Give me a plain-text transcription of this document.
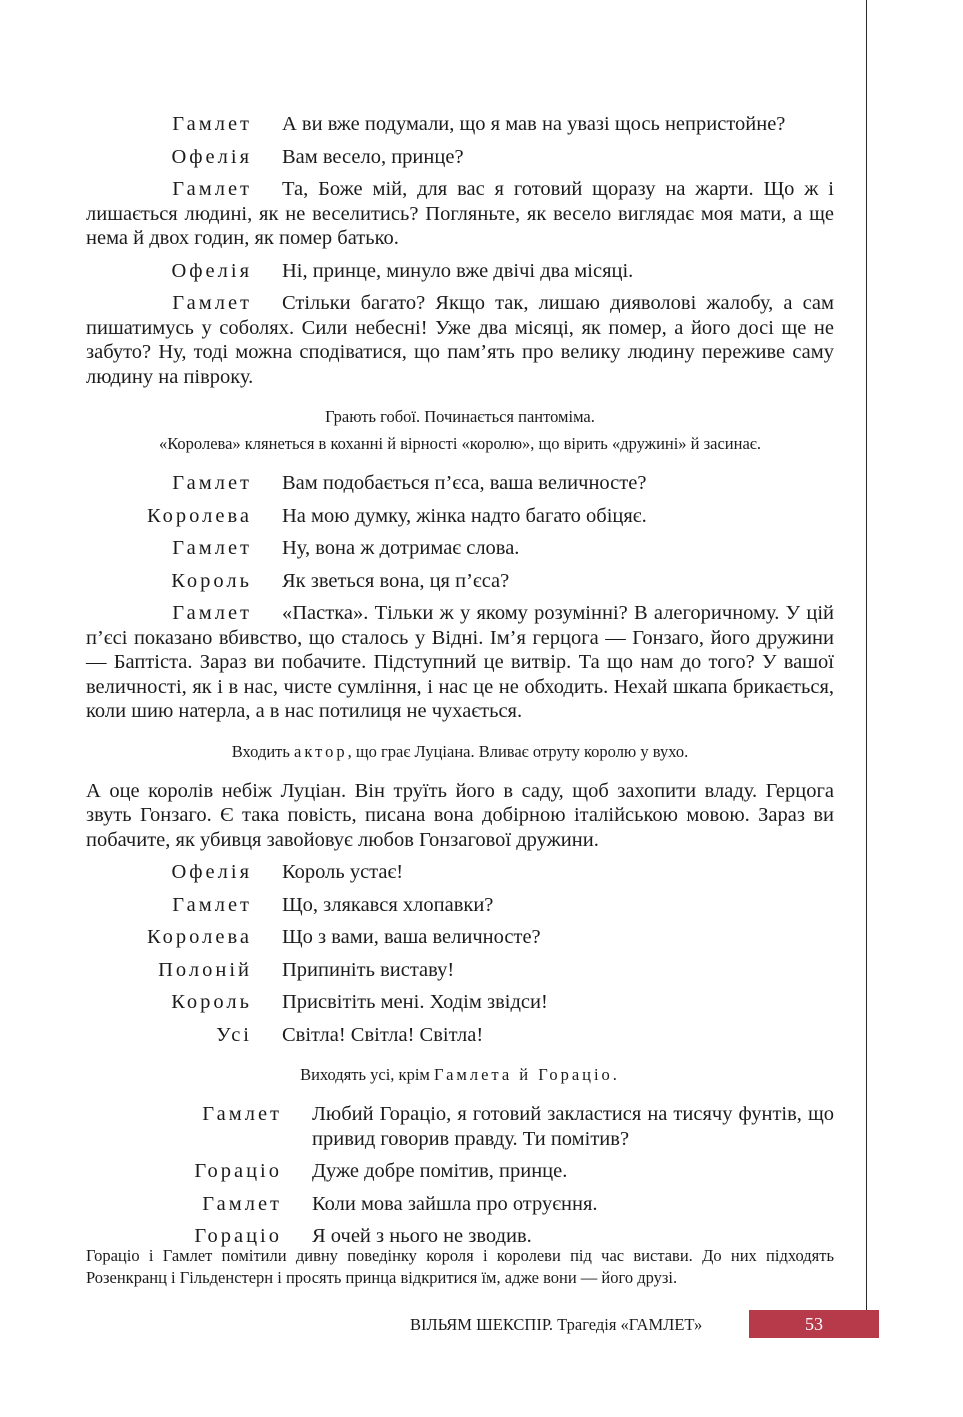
Гамлет А ви вже подумали, що я мав на увазі щось непристойне?
Офелія Вам весело, принце?
Гамлет Та, Боже мій, для вас я готовий щоразу на жарти. Що ж і лишається людині, як не веселитись? Погляньте, як весело виглядає моя мати, а ще нема й двох годин, як помер батько.
Офелія Ні, принце, минуло вже двічі два місяці.
Гамлет Стільки багато? Якщо так, лишаю дияволові жалобу, а сам пишатимусь у соболях. Сили небесні! Уже два місяці, як помер, а його досі ще не забуто? Ну, тоді можна сподіватися, що пам’ять про велику людину переживе саму людину на півроку.
Грають гобої. Починається пантоміма.
«Королева» клянеться в коханні й вірності «королю», що вірить «дружині» й засинає.
Гамлет Вам подобається п’єса, ваша величносте?
Королева На мою думку, жінка надто багато обіцяє.
Гамлет Ну, вона ж дотримає слова.
Король Як зветься вона, ця п’єса?
Гамлет «Пастка». Тільки ж у якому розумінні? В алегоричному. У цій п’єсі показано вбивство, що сталось у Відні. Ім’я герцога — Гонзаго, його дружини — Баптіста. Зараз ви побачите. Підступний це витвір. Та що нам до того? У вашої величності, як і в нас, чисте сумління, і нас це не обходить. Нехай шкапа брикається, коли шию натерла, а в нас потилиця не чухається.
Входить актор, що грає Луціана. Вливає отруту королю у вухо.
А оце королів небіж Луціан. Він труїть його в саду, щоб захопити владу. Герцога звуть Гонзаго. Є така повість, писана вона добірною італійською мовою. Зараз ви побачите, як убивця завойовує любов Гонзагової дружини.
Офелія Король устає!
Гамлет Що, злякався хлопавки?
Королева Що з вами, ваша величносте?
Полоній Припиніть виставу!
Король Присвітіть мені. Ходім звідси!
Усі Світла! Світла! Світла!
Виходять усі, крім Гамлета й Горацiо.
Гамлет	Любий Горацiо, я готовий закластися на тисячу фунтів, що привид говорив правду. Ти помітив?
Горацiо	Дуже добре помітив, принце.
Гамлет	Коли мова зайшла про отруєння.
Горацiо	Я очей з нього не зводив.
Горацiо і Гамлет помітили дивну поведінку короля і королеви під час вистави. До них підходять Розенкранц і Гільденстерн і просять принца відкритися їм, адже вони — його друзі.
ВІЛЬЯМ ШЕКСПІР. Трагедія «ГАМЛЕТ»	53
